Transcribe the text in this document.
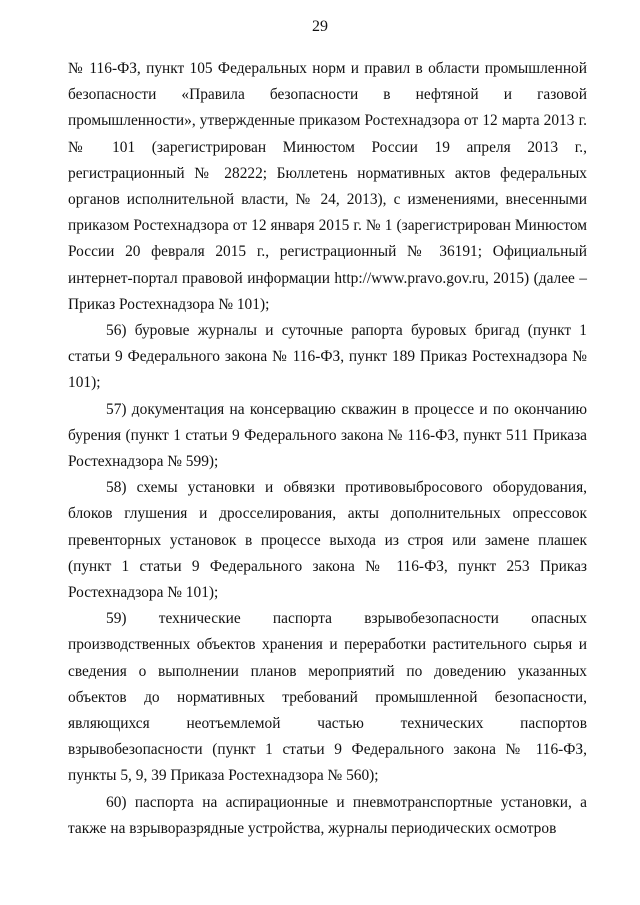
29

№ 116-ФЗ, пункт 105 Федеральных норм и правил в области промышленной безопасности «Правила безопасности в нефтяной и газовой промышленности», утвержденные приказом Ростехнадзора от 12 марта 2013 г. № 101 (зарегистрирован Минюстом России 19 апреля 2013 г., регистрационный № 28222; Бюллетень нормативных актов федеральных органов исполнительной власти, № 24, 2013), с изменениями, внесенными приказом Ростехнадзора от 12 января 2015 г. № 1 (зарегистрирован Минюстом России 20 февраля 2015 г., регистрационный № 36191; Официальный интернет-портал правовой информации http://www.pravo.gov.ru, 2015) (далее – Приказ Ростехнадзора № 101);

56) буровые журналы и суточные рапорта буровых бригад (пункт 1 статьи 9 Федерального закона № 116-ФЗ, пункт 189 Приказ Ростехнадзора № 101);

57) документация на консервацию скважин в процессе и по окончанию бурения (пункт 1 статьи 9 Федерального закона № 116-ФЗ, пункт 511 Приказа Ростехнадзора № 599);

58) схемы установки и обвязки противовыбросового оборудования, блоков глушения и дросселирования, акты дополнительных опрессовок превенторных установок в процессе выхода из строя или замене плашек (пункт 1 статьи 9 Федерального закона № 116-ФЗ, пункт 253 Приказ Ростехнадзора № 101);

59) технические паспорта взрывобезопасности опасных производственных объектов хранения и переработки растительного сырья и сведения о выполнении планов мероприятий по доведению указанных объектов до нормативных требований промышленной безопасности, являющихся неотъемлемой частью технических паспортов взрывобезопасности (пункт 1 статьи 9 Федерального закона № 116-ФЗ, пункты 5, 9, 39 Приказа Ростехнадзора № 560);

60) паспорта на аспирационные и пневмотранспортные установки, а также на взрыворазрядные устройства, журналы периодических осмотров
